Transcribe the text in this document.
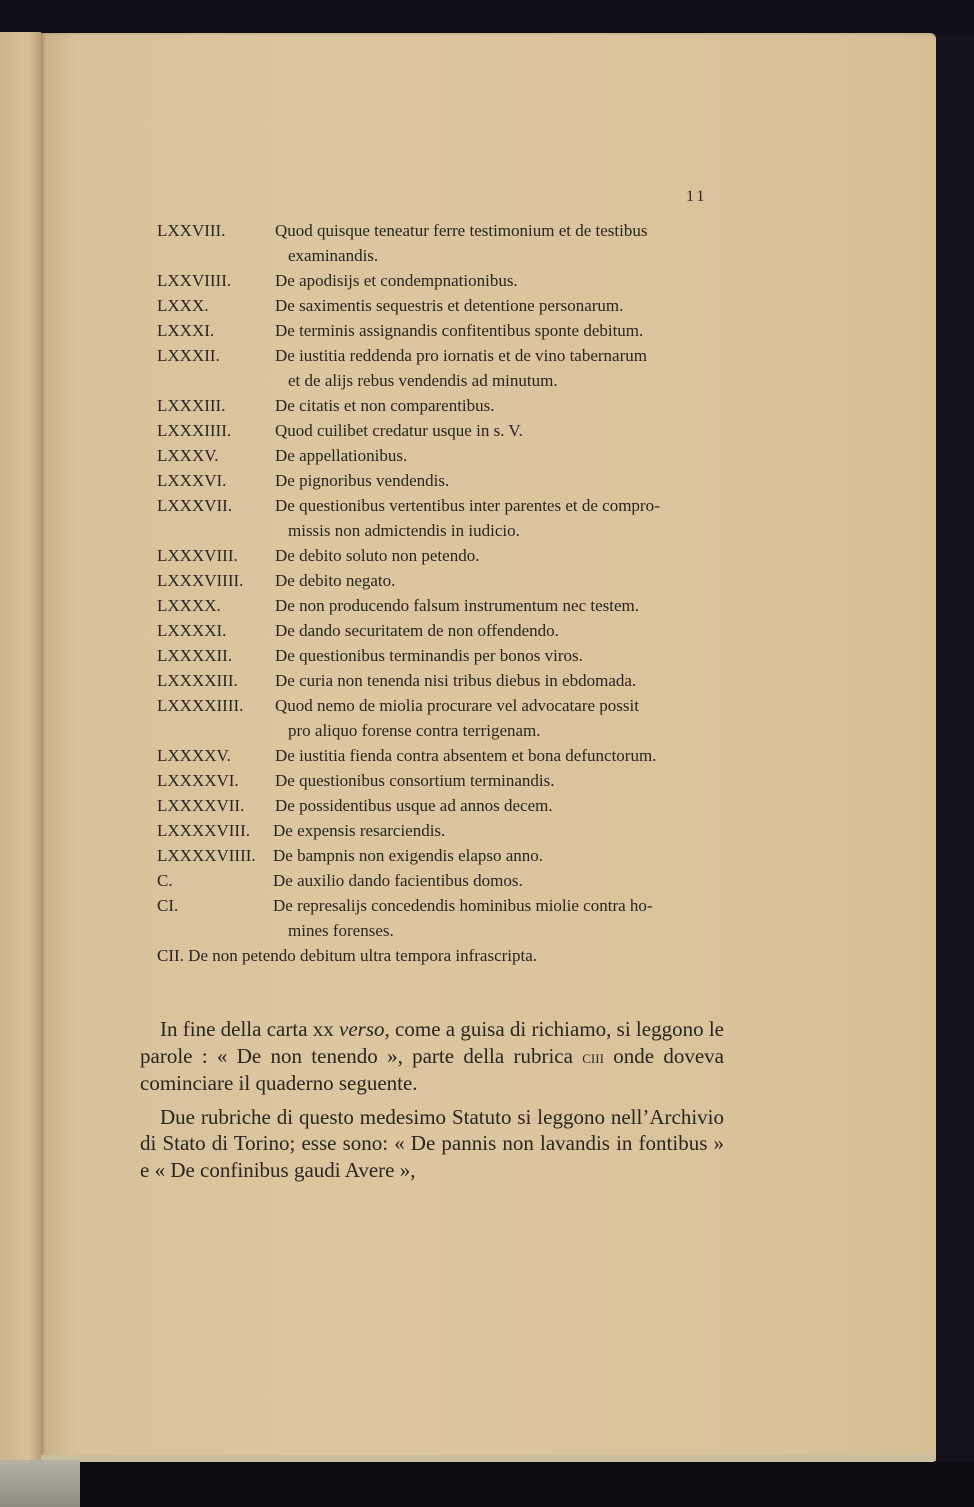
11
LXXVIII.	Quod quisque teneatur ferre testimonium et de testibus
examinandis.
LXXVIIII.	De apodisijs et condempnationibus.
LXXX.	De saximentis sequestris et detentione personarum.
LXXXI.	De terminis assignandis confitentibus sponte debitum.
LXXXII.	De iustitia reddenda pro iornatis et de vino tabernarum
et de alijs rebus vendendis ad minutum.
LXXXIII.	De citatis et non comparentibus.
LXXXIIII.	Quod cuilibet credatur usque in s. V.
LXXXV.	De appellationibus.
LXXXVI.	De pignoribus vendendis.
LXXXVII.	De questionibus vertentibus inter parentes et de compro-
missis non admictendis in iudicio.
LXXXVIII. De debito soluto non petendo.
LXXXVIIII. De debito negato.
LXXXX.	De non producendo falsum instrumentum nec testem.
LXXXXI.	De dando securitatem de non offendendo.
LXXXXII.	De questionibus terminandis per bonos viros.
LXXXXIII. De curia non tenenda nisi tribus diebus in ebdomada.
LXXXXIIII. Quod nemo de miolia procurare vel advocatare possit
pro aliquo forense contra terrigenam.
LXXXXV.	De iustitia fienda contra absentem et bona defunctorum.
LXXXXVI. De questionibus consortium terminandis.
LXXXXVII. De possidentibus usque ad annos decem.
LXXXXVIII. De expensis resarciendis.
LXXXXVIIII. De bampnis non exigendis elapso anno.
C.	De auxilio dando facientibus domos.
CI.	De represalijs concedendis hominibus miolie contra ho-
mines forenses.
CII. De non petendo debitum ultra tempora infrascripta.

In fine della carta xx verso, come a guisa di richiamo, si leggono le parole : « De non tenendo », parte della rubrica ciii onde doveva cominciare il quaderno seguente.

Due rubriche di questo medesimo Statuto si leggono nell’Archivio di Stato di Torino; esse sono: « De pannis non lavandis in fontibus » e « De confinibus gaudi Avere »,
